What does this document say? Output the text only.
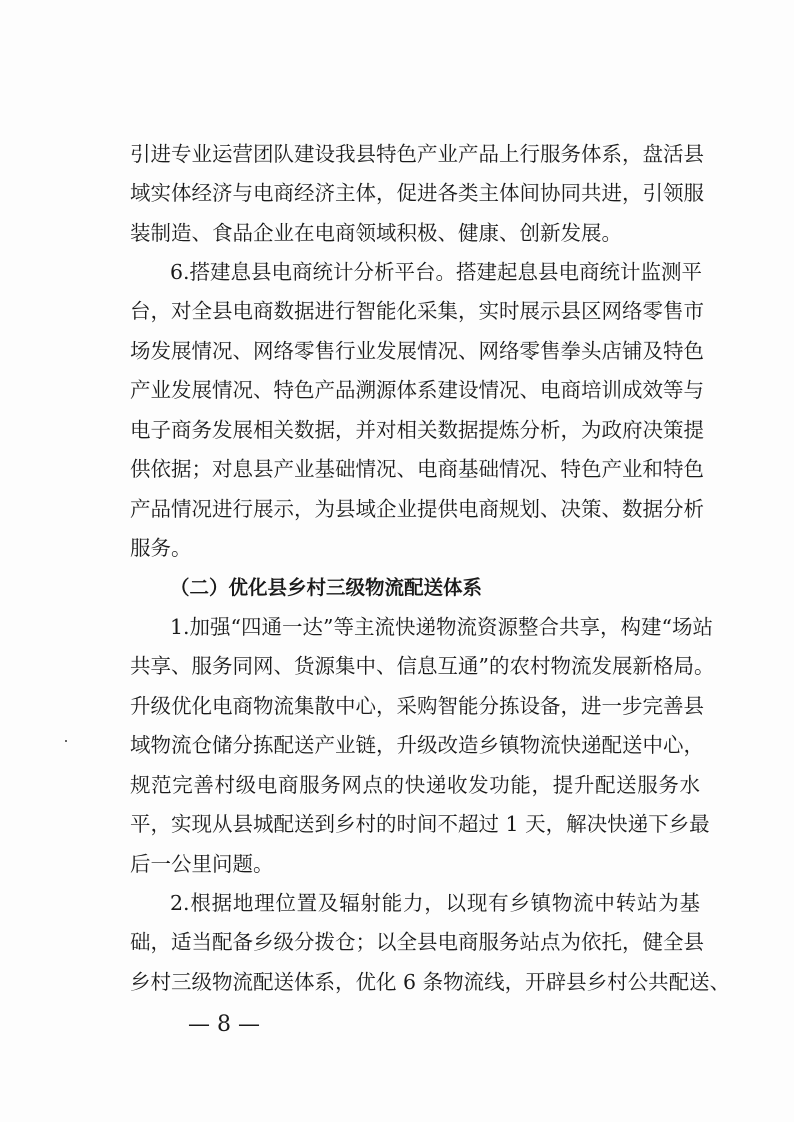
引进专业运营团队建设我县特色产业产品上行服务体系，盘活县
域实体经济与电商经济主体，促进各类主体间协同共进，引领服
装制造、食品企业在电商领域积极、健康、创新发展。
6.搭建息县电商统计分析平台。搭建起息县电商统计监测平
台，对全县电商数据进行智能化采集，实时展示县区网络零售市
场发展情况、网络零售行业发展情况、网络零售拳头店铺及特色
产业发展情况、特色产品溯源体系建设情况、电商培训成效等与
电子商务发展相关数据，并对相关数据提炼分析，为政府决策提
供依据；对息县产业基础情况、电商基础情况、特色产业和特色
产品情况进行展示，为县域企业提供电商规划、决策、数据分析
服务。
（二）优化县乡村三级物流配送体系
1.加强“四通一达”等主流快递物流资源整合共享，构建“场站
共享、服务同网、货源集中、信息互通”的农村物流发展新格局。
升级优化电商物流集散中心，采购智能分拣设备，进一步完善县
域物流仓储分拣配送产业链，升级改造乡镇物流快递配送中心，
规范完善村级电商服务网点的快递收发功能，提升配送服务水
平，实现从县城配送到乡村的时间不超过 1 天，解决快递下乡最
后一公里问题。
2.根据地理位置及辐射能力，以现有乡镇物流中转站为基
础，适当配备乡级分拨仓；以全县电商服务站点为依托，健全县
乡村三级物流配送体系，优化 6 条物流线，开辟县乡村公共配送、
— 8 —
